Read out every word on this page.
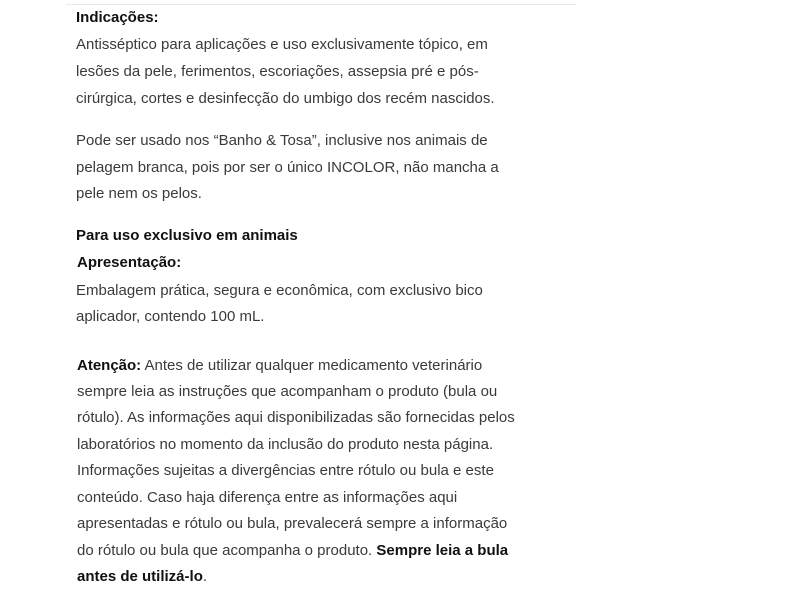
Indicações:
Antisséptico para aplicações e uso exclusivamente tópico, em
lesões da pele, ferimentos, escoriações, assepsia pré e pós-
cirúrgica, cortes e desinfecção do umbigo dos recém nascidos.
Pode ser usado nos “Banho & Tosa”, inclusive nos animais de
pelagem branca, pois por ser o único INCOLOR, não mancha a
pele nem os pelos.
Para uso exclusivo em animais
Apresentação:
Embalagem prática, segura e econômica, com exclusivo bico
aplicador, contendo 100 mL.
Atenção: Antes de utilizar qualquer medicamento veterinário
sempre leia as instruções que acompanham o produto (bula ou
rótulo). As informações aqui disponibilizadas são fornecidas pelos
laboratórios no momento da inclusão do produto nesta página.
Informações sujeitas a divergências entre rótulo ou bula e este
conteúdo. Caso haja diferença entre as informações aqui
apresentadas e rótulo ou bula, prevalecerá sempre a informação
do rótulo ou bula que acompanha o produto. Sempre leia a bula
antes de utilizá-lo.
